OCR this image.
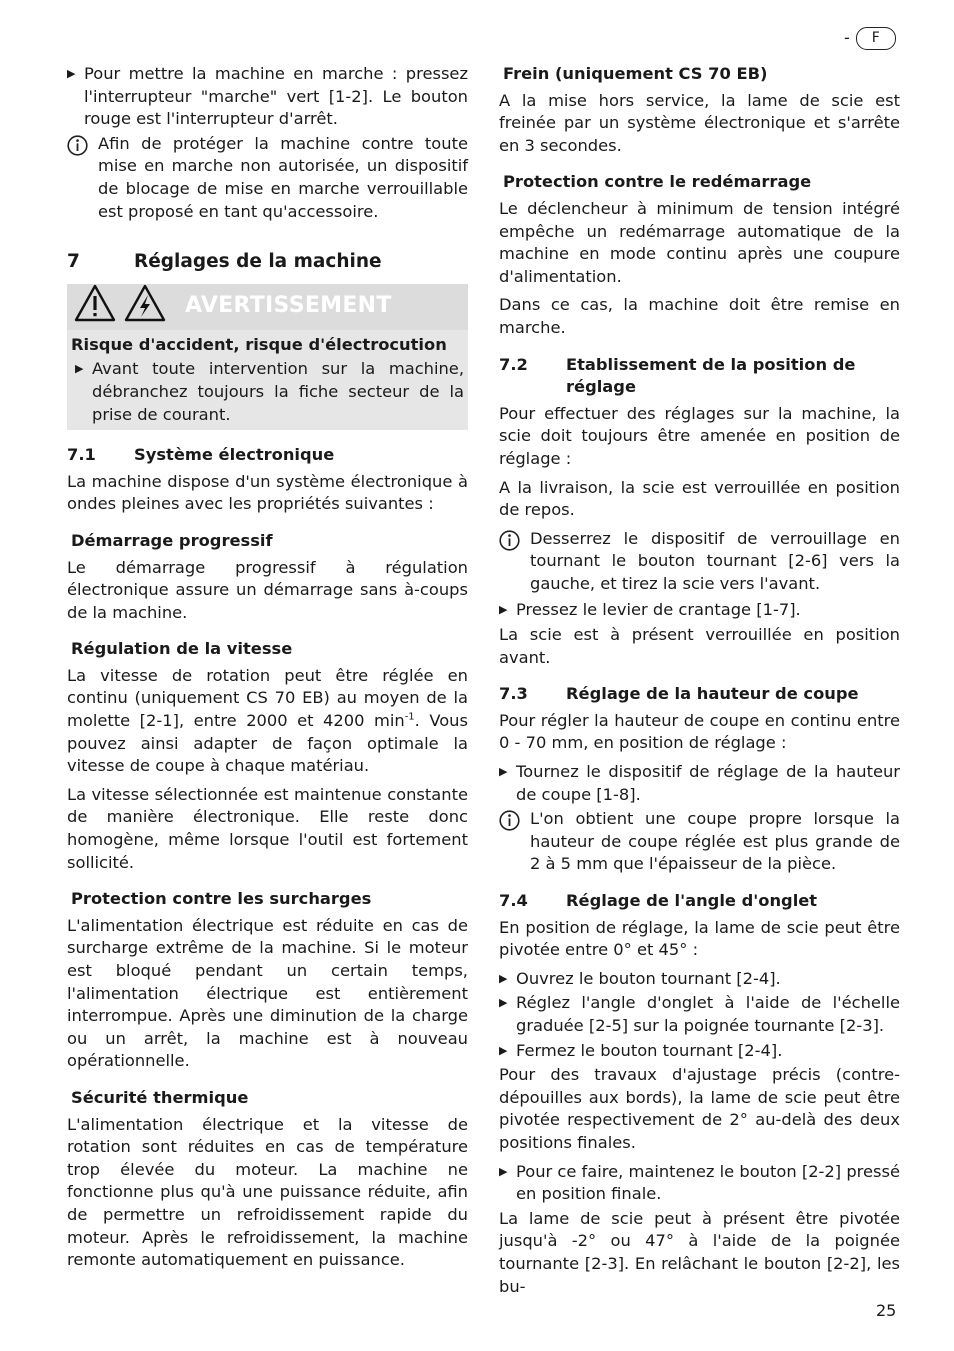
-	F
▶ Pour mettre la machine en marche : pressez l'interrupteur "marche" vert [1-2]. Le bouton rouge est l'interrupteur d'arrêt.
Afin de protéger la machine contre toute mise en marche non autorisée, un dispositif de blocage de mise en marche verrouillable est proposé en tant qu'accessoire.
7	Réglages de la machine
AVERTISSEMENT
Risque d'accident, risque d'électrocution
▶ Avant toute intervention sur la machine, débranchez toujours la fiche secteur de la prise de courant.
7.1	Système électronique

La machine dispose d'un système électronique à ondes pleines avec les propriétés suivantes :

Démarrage progressif

Le démarrage progressif à régulation électronique assure un démarrage sans à-coups de la machine.

Régulation de la vitesse

La vitesse de rotation peut être réglée en continu (uniquement CS 70 EB) au moyen de la molette [2-1], entre 2000 et 4200 $\min^{-1}$. Vous pouvez ainsi adapter de façon optimale la vitesse de coupe à chaque matériau.

La vitesse sélectionnée est maintenue constante de manière électronique. Elle reste donc homogène, même lorsque l'outil est fortement sollicité.

Protection contre les surcharges

L'alimentation électrique est réduite en cas de surcharge extrême de la machine. Si le moteur est bloqué pendant un certain temps, l'alimentation électrique est entièrement interrompue. Après une diminution de la charge ou un arrêt, la machine est à nouveau opérationnelle.

Sécurité thermique

L'alimentation électrique et la vitesse de rotation sont réduites en cas de température trop élevée du moteur. La machine ne fonctionne plus qu'à une puissance réduite, afin de permettre un refroidissement rapide du moteur. Après le refroidissement, la machine remonte automatiquement en puissance.

Frein (uniquement CS 70 EB)

A la mise hors service, la lame de scie est freinée par un système électronique et s'arrête en 3 secondes.

Protection contre le redémarrage

Le déclencheur à minimum de tension intégré empêche un redémarrage automatique de la machine en mode continu après une coupure d'alimentation.

Dans ce cas, la machine doit être remise en marche.

7.2	Etablissement de la position de réglage

Pour effectuer des réglages sur la machine, la scie doit toujours être amenée en position de réglage :

A la livraison, la scie est verrouillée en position de repos.

Desserrez le dispositif de verrouillage en tournant le bouton tournant [2-6] vers la gauche, et tirez la scie vers l'avant.
▶ Pressez le levier de crantage [1-7].

La scie est à présent verrouillée en position avant.

7.3	Réglage de la hauteur de coupe

Pour régler la hauteur de coupe en continu entre 0 - 70 mm, en position de réglage :

▶ Tournez le dispositif de réglage de la hauteur de coupe [1-8].
L'on obtient une coupe propre lorsque la hauteur de coupe réglée est plus grande de 2 à 5 mm que l'épaisseur de la pièce.
7.4	Réglage de l'angle d'onglet

En position de réglage, la lame de scie peut être pivotée entre 0° et 45° :

▶ Ouvrez le bouton tournant [2-4].
▶ Réglez l'angle d'onglet à l'aide de l'échelle graduée [2-5] sur la poignée tournante [2-3].
▶ Fermez le bouton tournant [2-4].

Pour des travaux d'ajustage précis (contre-dépouilles aux bords), la lame de scie peut être pivotée respectivement de 2° au-delà des deux positions finales.

▶ Pour ce faire, maintenez le bouton [2-2] pressé en position finale.

La lame de scie peut à présent être pivotée jusqu'à -2° ou 47° à l'aide de la poignée tournante [2-3]. En relâchant le bouton [2-2], les bu-

25
